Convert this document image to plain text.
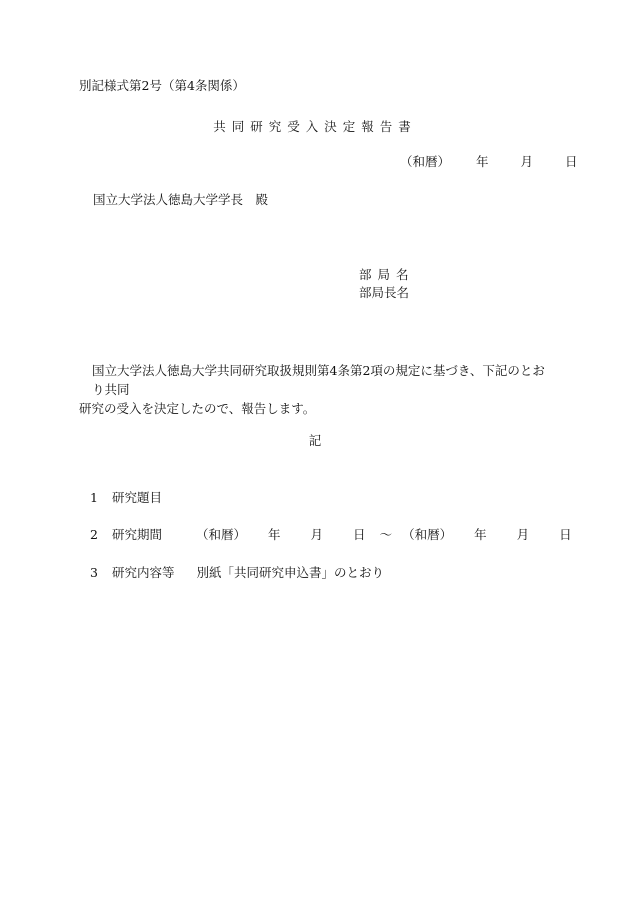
別記様式第2号（第4条関係）
共同研究受入決定報告書
（和暦） 年	月	日
国立大学法人徳島大学学長　殿
部局名
部局長名
国立大学法人徳島大学共同研究取扱規則第4条第2項の規定に基づき、下記のとおり共同
研究の受入を決定したので、報告します。
記
1 研究題目
2 研究期間	（和暦） 年 月 日 ～ （和暦） 年 月 日
3 研究内容等 別紙「共同研究申込書」のとおり
